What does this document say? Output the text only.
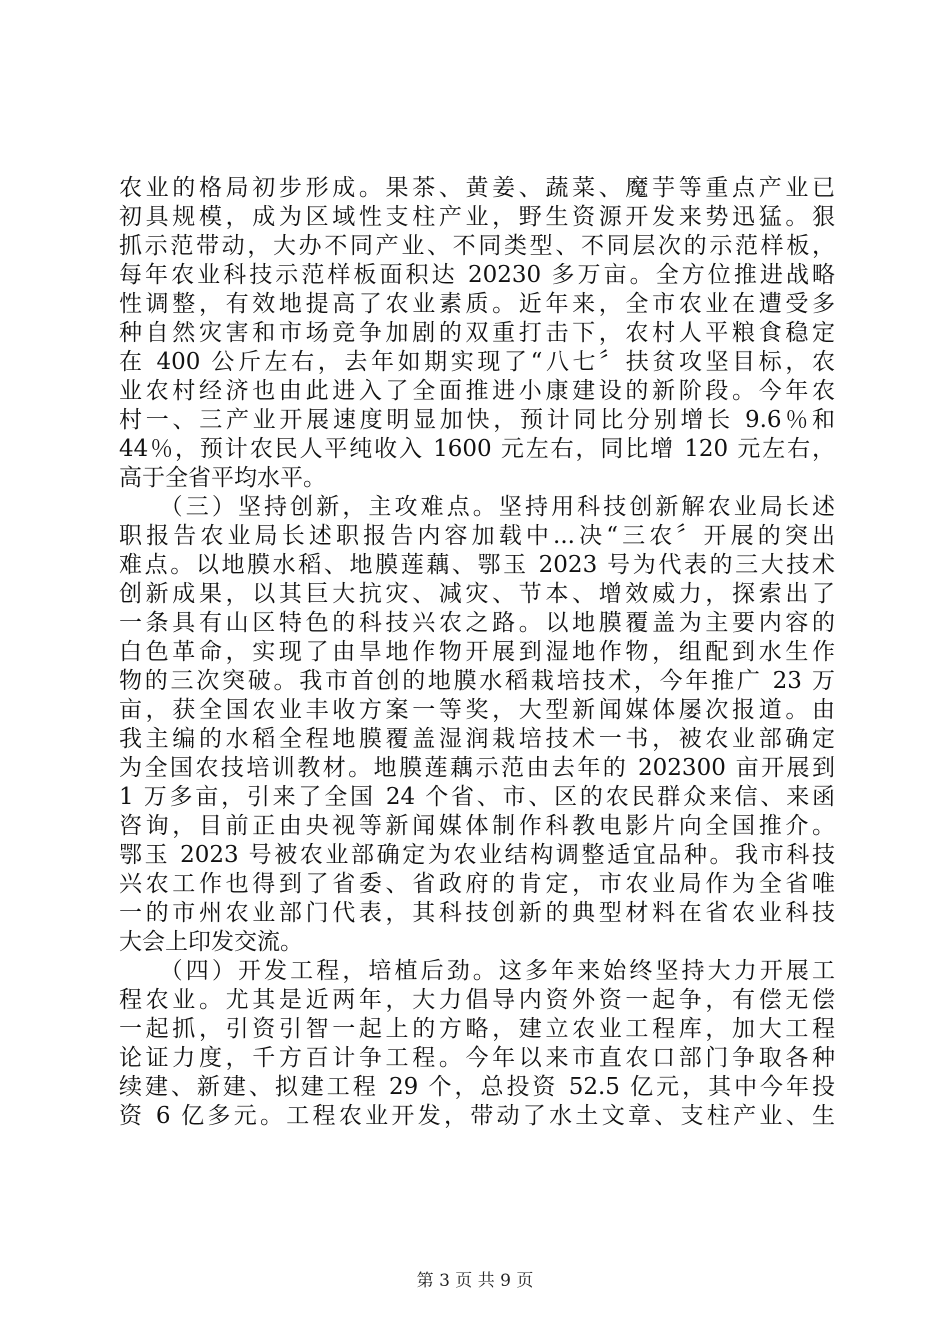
农业的格局初步形成。果茶、黄姜、蔬菜、魔芋等重点产业已
初具规模，成为区域性支柱产业，野生资源开发来势迅猛。狠
抓示范带动，大办不同产业、不同类型、不同层次的示范样板，
每年农业科技示范样板面积达 20230 多万亩。全方位推进战略
性调整，有效地提高了农业素质。近年来，全市农业在遭受多
种自然灾害和市场竞争加剧的双重打击下，农村人平粮食稳定
在 400 公斤左右，去年如期实现了“八七〞扶贫攻坚目标，农
业农村经济也由此进入了全面推进小康建设的新阶段。今年农
村一、三产业开展速度明显加快，预计同比分别增长 9.6％和
44％，预计农民人平纯收入 1600 元左右，同比增 120 元左右，
高于全省平均水平。
　　（三）坚持创新，主攻难点。坚持用科技创新解农业局长述
职报告农业局长述职报告内容加载中...决“三农〞开展的突出
难点。以地膜水稻、地膜莲藕、鄂玉 2023 号为代表的三大技术
创新成果，以其巨大抗灾、减灾、节本、增效威力，探索出了
一条具有山区特色的科技兴农之路。以地膜覆盖为主要内容的
白色革命，实现了由旱地作物开展到湿地作物，组配到水生作
物的三次突破。我市首创的地膜水稻栽培技术，今年推广 23 万
亩，获全国农业丰收方案一等奖，大型新闻媒体屡次报道。由
我主编的水稻全程地膜覆盖湿润栽培技术一书，被农业部确定
为全国农技培训教材。地膜莲藕示范由去年的 202300 亩开展到
1 万多亩，引来了全国 24 个省、市、区的农民群众来信、来函
咨询，目前正由央视等新闻媒体制作科教电影片向全国推介。
鄂玉 2023 号被农业部确定为农业结构调整适宜品种。我市科技
兴农工作也得到了省委、省政府的肯定，市农业局作为全省唯
一的市州农业部门代表，其科技创新的典型材料在省农业科技
大会上印发交流。
　　（四）开发工程，培植后劲。这多年来始终坚持大力开展工
程农业。尤其是近两年，大力倡导内资外资一起争，有偿无偿
一起抓，引资引智一起上的方略，建立农业工程库，加大工程
论证力度，千方百计争工程。今年以来市直农口部门争取各种
续建、新建、拟建工程 29 个，总投资 52.5 亿元，其中今年投
资 6 亿多元。工程农业开发，带动了水土文章、支柱产业、生
第 3 页 共 9 页
